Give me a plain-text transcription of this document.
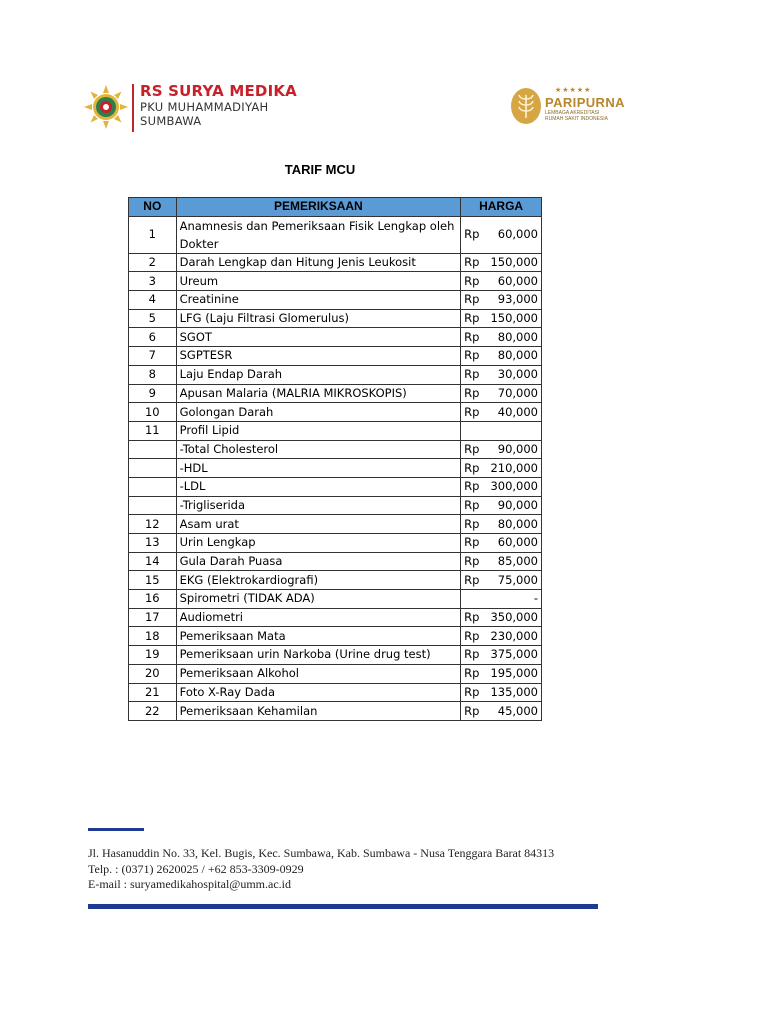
RS SURYA MEDIKA
PKU MUHAMMADIYAH
SUMBAWA
★★★★★
PARIPURNA
LEMBAGA AKREDITASI
RUMAH SAKIT INDONESIA
TARIF MCU
NO	PEMERIKSAAN	HARGA
1	Anamnesis dan Pemeriksaan Fisik Lengkap oleh Dokter	Rp 60,000

2	Darah Lengkap dan Hitung Jenis Leukosit	Rp 150,000

3	Ureum	Rp 60,000

4	Creatinine	Rp 93,000

5	LFG (Laju Filtrasi Glomerulus)	Rp 150,000

6	SGOT	Rp 80,000

7	SGPTESR	Rp 80,000

8	Laju Endap Darah	Rp 30,000

9	Apusan Malaria (MALRIA MIKROSKOPIS)	Rp 70,000

10	Golongan Darah	Rp 40,000

11	Profil Lipid	
	-Total Cholesterol	Rp 90,000

	-HDL	Rp 210,000

	-LDL	Rp 300,000

	-Trigliserida	Rp 90,000

12	Asam urat	Rp 80,000

13	Urin Lengkap	Rp 60,000

14	Gula Darah Puasa	Rp 85,000

15	EKG (Elektrokardiografi)	Rp 75,000

16	Spirometri (TIDAK ADA)	-
17	Audiometri	Rp 350,000

18	Pemeriksaan Mata	Rp 230,000

19	Pemeriksaan urin Narkoba (Urine drug test)	Rp 375,000

20	Pemeriksaan Alkohol	Rp 195,000

21	Foto X-Ray Dada	Rp 135,000

22	Pemeriksaan Kehamilan	Rp 45,000
Jl. Hasanuddin No. 33, Kel. Bugis, Kec. Sumbawa, Kab. Sumbawa - Nusa Tenggara Barat 84313
Telp. : (0371) 2620025 / +62 853-3309-0929
E-mail : suryamedikahospital@umm.ac.id
